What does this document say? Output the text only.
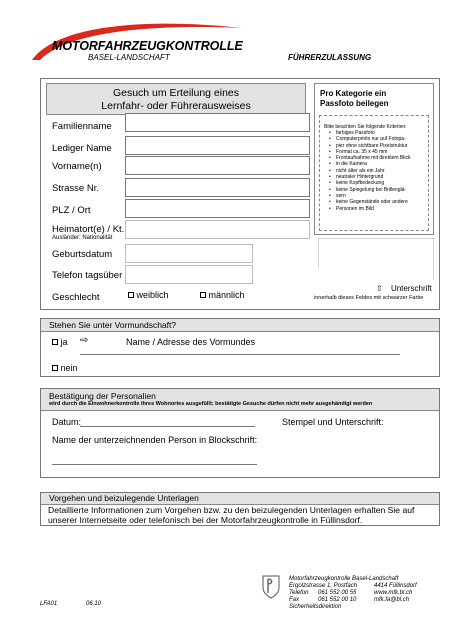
MOTORFAHRZEUGKONTROLLE
BASEL-LANDSCHAFT	FÜHRERZULASSUNG
Gesuch um Erteilung eines
Lernfahr- oder Führerausweises
Familienname
Lediger Name
Vorname(n)
Strasse Nr.
PLZ / Ort
Heimatort(e) / Kt.
Ausländer: Nationalität
Geburtsdatum
Telefon tagsüber
Geschlecht	weiblich	männlich
Pro Kategorie ein
Passfoto beilegen
Bitte beachten Sie folgende Kriterien:
• farbiges Passfoto
• Computerprints nur auf Fotopa-
• pier ohne sichtbare Pixelstruktur
• Format ca. 35 x 45 mm
• Frontaufnahme mit direktem Blick
• in die Kamera
• nicht älter als ein Jahr
• neutraler Hintergrund
• keine Kopfbedeckung
• keine Spiegelung bei Brillenglä-
• sern
• keine Gegenstände oder andere
• Personen im Bild
⇧ Unterschrift
innerhalb dieses Feldes mit schwarzer Farbe
Stehen Sie unter Vormundschaft?
ja ⇨	Name / Adresse des Vormundes
nein
Bestätigung der Personalien
wird durch die Einwohnerkontrolle ihres Wohnortes ausgefüllt; bestätigte Gesuche dürfen nicht mehr ausgehändigt werden
Datum:	Stempel und Unterschrift:
Name der unterzeichnenden Person in Blockschrift:
Vorgehen und beizulegende Unterlagen
Detaillierte Informationen zum Vorgehen bzw. zu den beizulegenden Unterlagen erhalten Sie auf
unserer Internetseite oder telefonisch bei der Motorfahrzeugkontrolle in Füllinsdorf.
LFA01	06.10
Motorfahrzeugkontrolle Basel-Landschaft
Ergolzstrasse 1, Postfach	4414 Füllinsdorf
Telefon 061 552 00 55	www.mfk.bl.ch
Fax	061 552 00 10	mfk.fa@bl.ch
Sicherheitsdirektion
